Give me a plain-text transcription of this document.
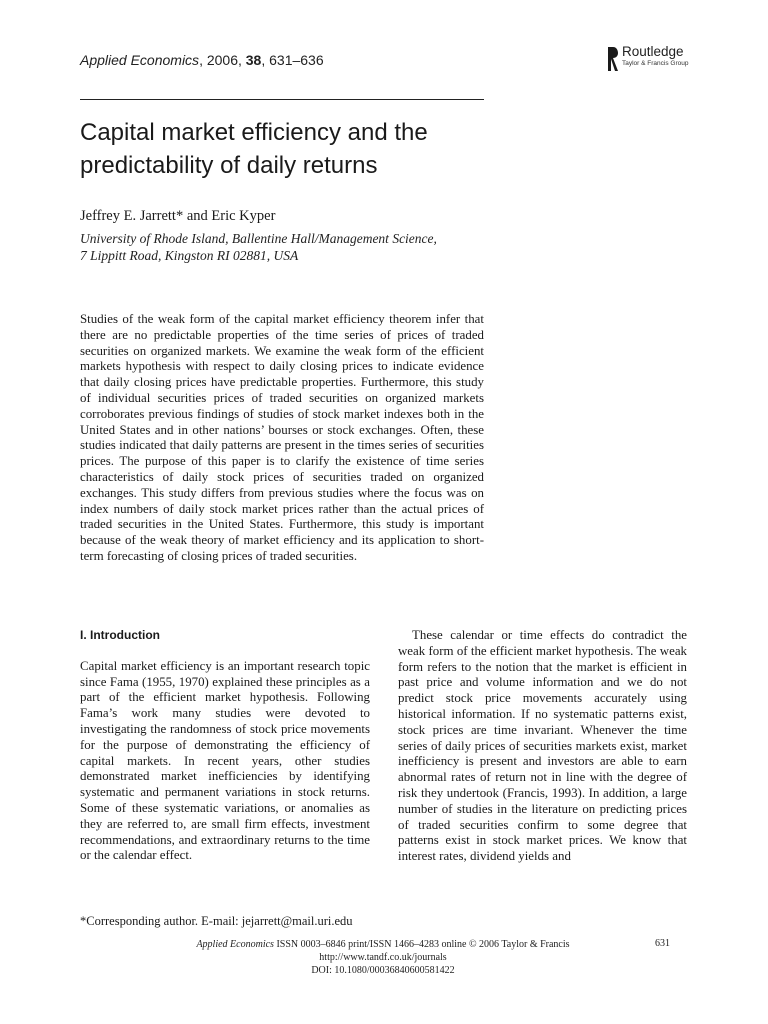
Applied Economics, 2006, 38, 631–636
Routledge
Taylor & Francis Group
Capital market efficiency and the predictability of daily returns
Jeffrey E. Jarrett* and Eric Kyper
University of Rhode Island, Ballentine Hall/Management Science,
7 Lippitt Road, Kingston RI 02881, USA
Studies of the weak form of the capital market efficiency theorem infer that there are no predictable properties of the time series of prices of traded securities on organized markets. We examine the weak form of the efficient markets hypothesis with respect to daily closing prices to indicate evidence that daily closing prices have predictable properties. Furthermore, this study of individual securities prices of traded securities on organized markets corroborates previous findings of studies of stock market indexes both in the United States and in other nations’ bourses or stock exchanges. Often, these studies indicated that daily patterns are present in the times series of securities prices. The purpose of this paper is to clarify the existence of time series characteristics of daily stock prices of securities traded on organized exchanges. This study differs from previous studies where the focus was on index numbers of daily stock market prices rather than the actual prices of traded securities in the United States. Furthermore, this study is important because of the weak theory of market efficiency and its application to short-term forecasting of closing prices of traded securities.
I. Introduction

Capital market efficiency is an important research topic since Fama (1955, 1970) explained these principles as a part of the efficient market hypothesis. Following Fama’s work many studies were devoted to investigating the randomness of stock price movements for the purpose of demonstrating the efficiency of capital markets. In recent years, other studies demonstrated market inefficiencies by identifying systematic and permanent variations in stock returns. Some of these systematic variations, or anomalies as they are referred to, are small firm effects, investment recommendations, and extraordinary returns to the time or the calendar effect.

These calendar or time effects do contradict the weak form of the efficient market hypothesis. The weak form refers to the notion that the market is efficient in past price and volume information and we do not predict stock price movements accurately using historical information. If no systematic patterns exist, stock prices are time invariant. Whenever the time series of daily prices of securities markets exist, market inefficiency is present and investors are able to earn abnormal rates of return not in line with the degree of risk they undertook (Francis, 1993). In addition, a large number of studies in the literature on predicting prices of traded securities confirm to some degree that patterns exist in stock market prices. We know that interest rates, dividend yields and

*Corresponding author. E-mail: jejarrett@mail.uri.edu
Applied Economics ISSN 0003–6846 print/ISSN 1466–4283 online © 2006 Taylor & Francis
http://www.tandf.co.uk/journals
DOI: 10.1080/00036840600581422
631
